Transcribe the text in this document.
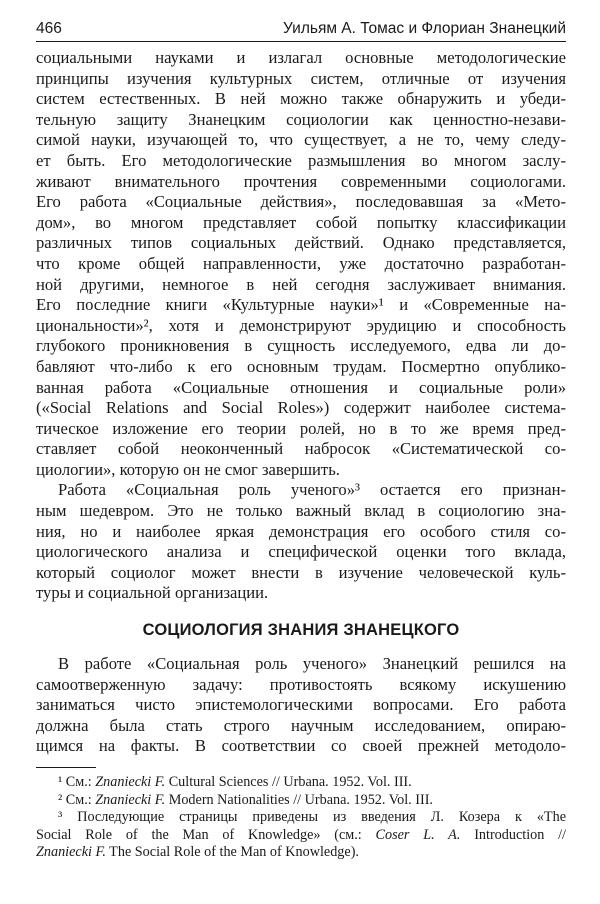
466	Уильям А. Томас и Флориан Знанецкий
социальными науками и излагал основные методологические
принципы изучения культурных систем, отличные от изучения
систем естественных. В ней можно также обнаружить и убеди-
тельную защиту Знанецким социологии как ценностно-незави-
симой науки, изучающей то, что существует, а не то, чему следу-
ет быть. Его методологические размышления во многом заслу-
живают внимательного прочтения современными социологами.
Его работа «Социальные действия», последовавшая за «Мето-
дом», во многом представляет собой попытку классификации
различных типов социальных действий. Однако представляется,
что кроме общей направленности, уже достаточно разработан-
ной другими, немногое в ней сегодня заслуживает внимания.
Его последние книги «Культурные науки»¹ и «Современные на-
циональности»², хотя и демонстрируют эрудицию и способность
глубокого проникновения в сущность исследуемого, едва ли до-
бавляют что-либо к его основным трудам. Посмертно опублико-
ванная работа «Социальные отношения и социальные роли»
(«Social Relations and Social Roles») содержит наиболее система-
тическое изложение его теории ролей, но в то же время пред-
ставляет собой неоконченный набросок «Систематической со-
циологии», которую он не смог завершить.
Работа «Социальная роль ученого»³ остается его признан-
ным шедевром. Это не только важный вклад в социологию зна-
ния, но и наиболее яркая демонстрация его особого стиля со-
циологического анализа и специфической оценки того вклада,
который социолог может внести в изучение человеческой куль-
туры и социальной организации.
СОЦИОЛОГИЯ ЗНАНИЯ ЗНАНЕЦКОГО
В работе «Социальная роль ученого» Знанецкий решился на
самоотверженную задачу: противостоять всякому искушению
заниматься чисто эпистемологическими вопросами. Его работа
должна была стать строго научным исследованием, опираю-
щимся на факты. В соответствии со своей прежней методоло-
¹ См.: Znaniecki F. Cultural Sciences // Urbana. 1952. Vol. III.
² См.: Znaniecki F. Modern Nationalities // Urbana. 1952. Vol. III.
³ Последующие страницы приведены из введения Л. Козера к «The
Social Role of the Man of Knowledge» (см.: Coser L. A. Introduction //
Znaniecki F. The Social Role of the Man of Knowledge).
